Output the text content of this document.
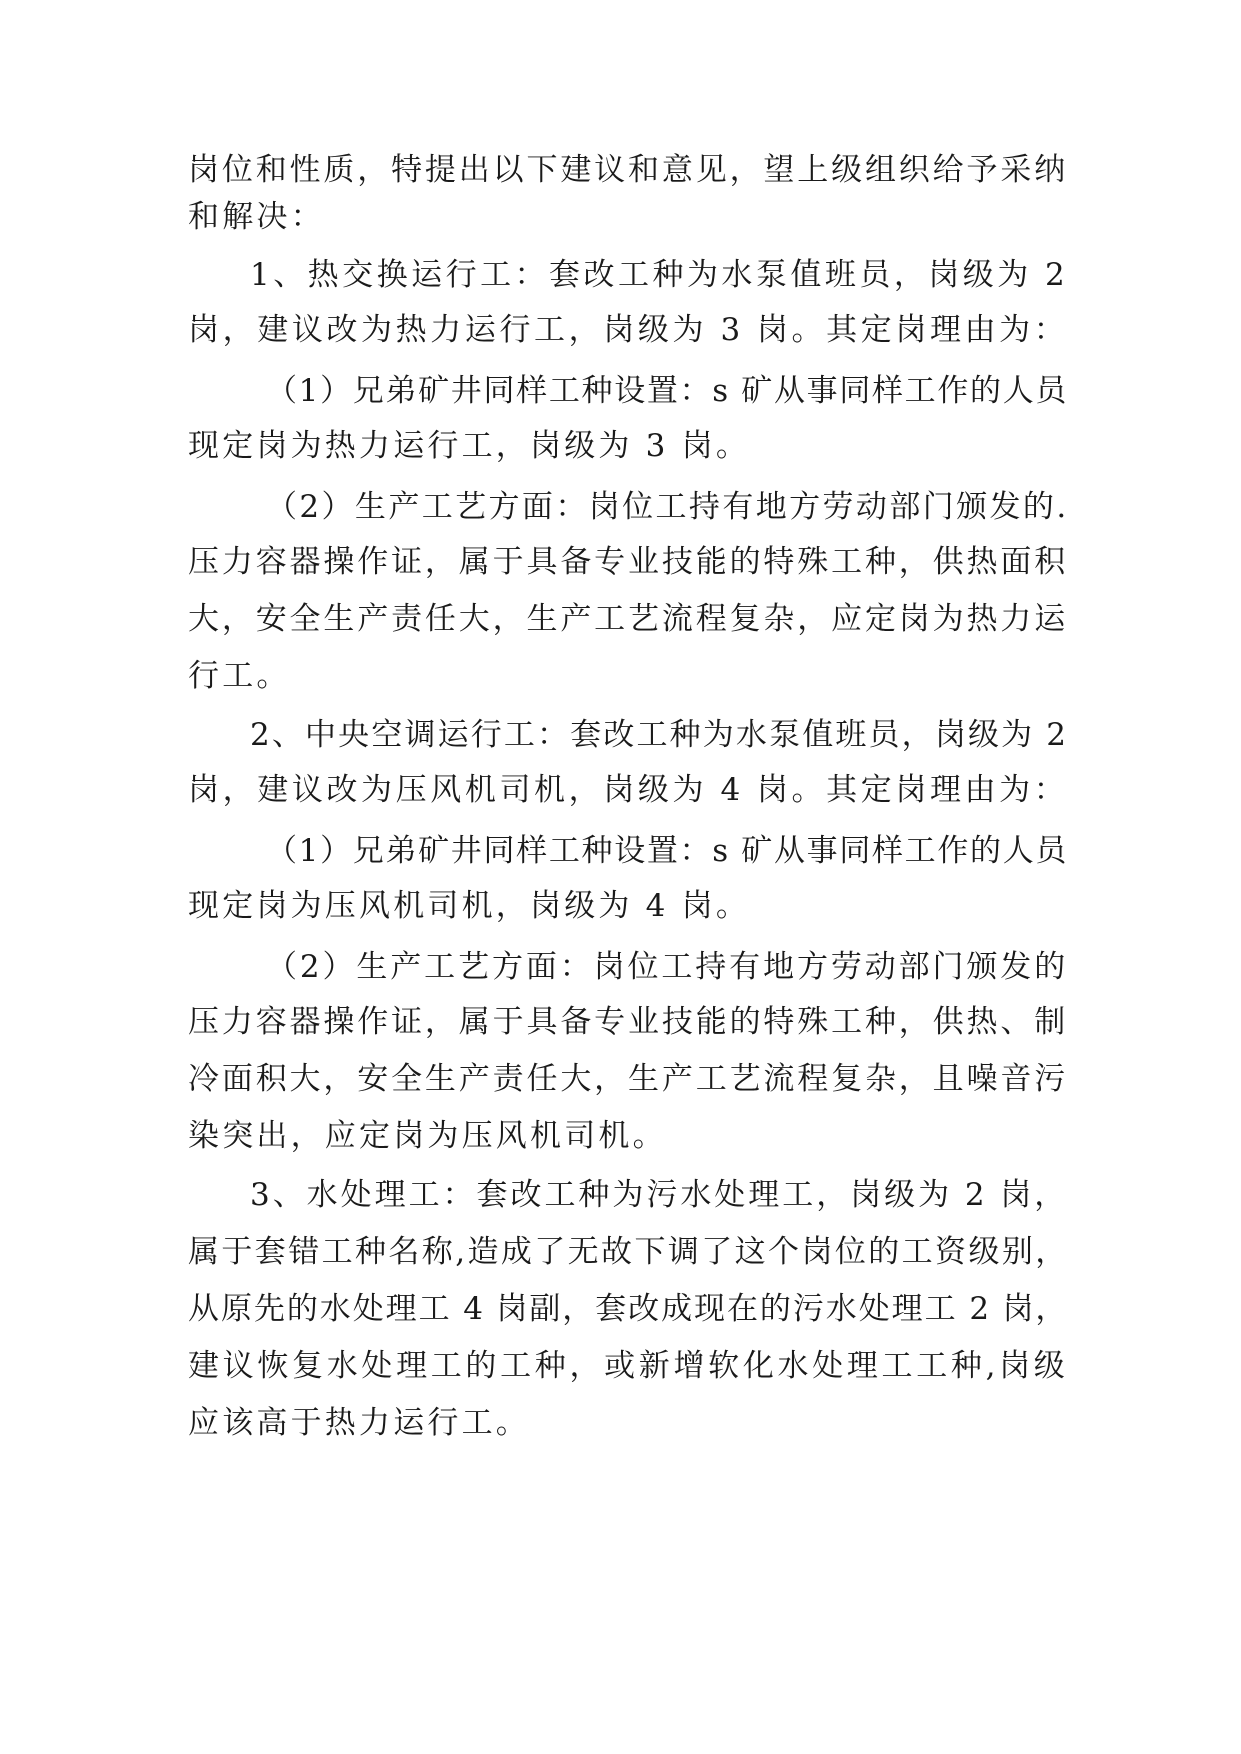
岗位和性质，特提出以下建议和意见，望上级组织给予采纳

和解决：

1、热交换运行工：套改工种为水泵值班员，岗级为 2

岗，建议改为热力运行工，岗级为 3 岗。其定岗理由为：

（1）兄弟矿井同样工种设置：s 矿从事同样工作的人员

现定岗为热力运行工，岗级为 3 岗。

（2）生产工艺方面：岗位工持有地方劳动部门颁发的.

压力容器操作证，属于具备专业技能的特殊工种，供热面积

大，安全生产责任大，生产工艺流程复杂，应定岗为热力运

行工。

2、中央空调运行工：套改工种为水泵值班员，岗级为 2

岗，建议改为压风机司机，岗级为 4 岗。其定岗理由为：

（1）兄弟矿井同样工种设置：s 矿从事同样工作的人员

现定岗为压风机司机，岗级为 4 岗。

（2）生产工艺方面：岗位工持有地方劳动部门颁发的

压力容器操作证，属于具备专业技能的特殊工种，供热、制

冷面积大，安全生产责任大，生产工艺流程复杂，且噪音污

染突出，应定岗为压风机司机。

3、水处理工：套改工种为污水处理工，岗级为 2 岗，

属于套错工种名称,造成了无故下调了这个岗位的工资级别，

从原先的水处理工 4 岗副，套改成现在的污水处理工 2 岗，

建议恢复水处理工的工种，或新增软化水处理工工种,岗级

应该高于热力运行工。
